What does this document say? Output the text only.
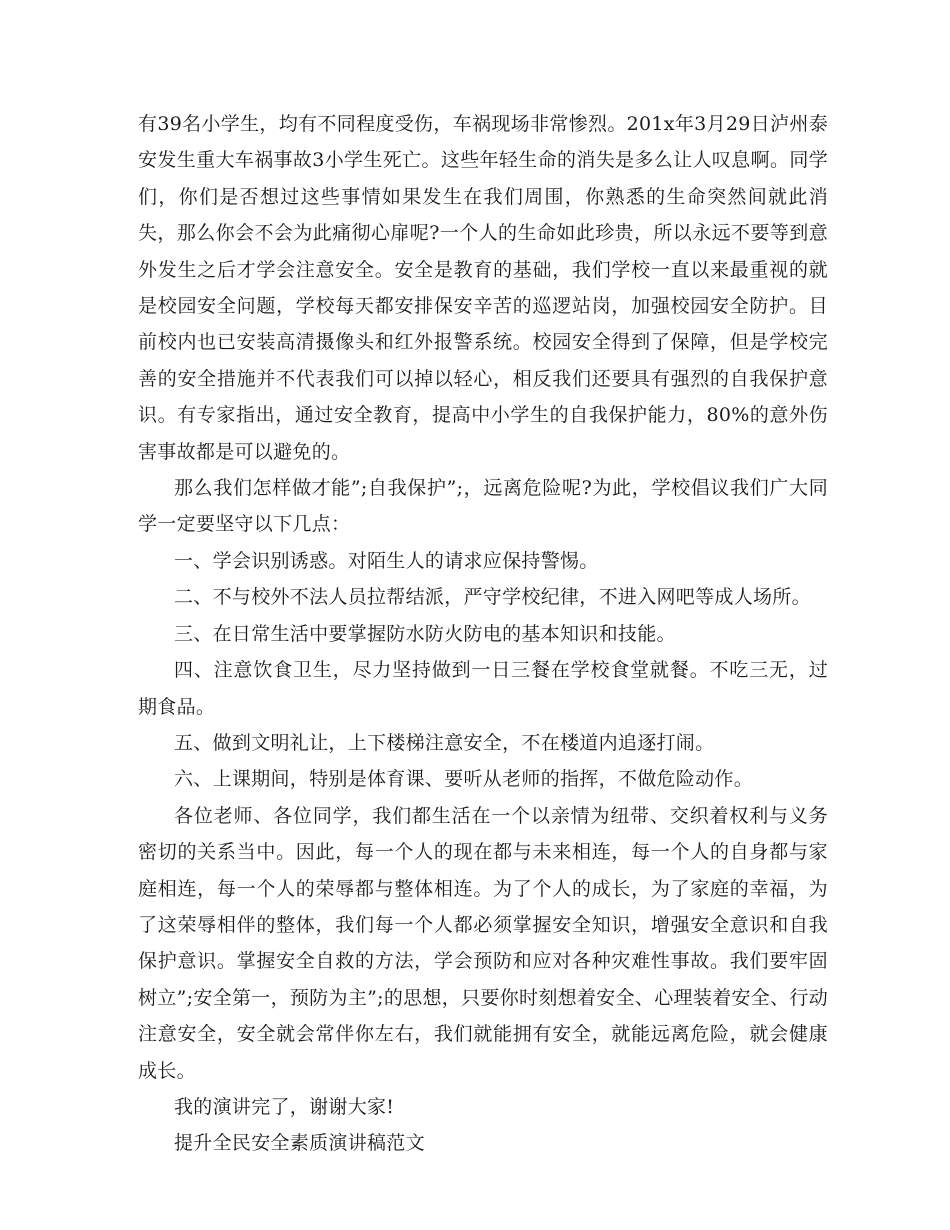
有39名小学生，均有不同程度受伤，车祸现场非常惨烈。201x年3月29日泸州泰安发生重大车祸事故3小学生死亡。这些年轻生命的消失是多么让人叹息啊。同学们，你们是否想过这些事情如果发生在我们周围，你熟悉的生命突然间就此消失，那么你会不会为此痛彻心扉呢?一个人的生命如此珍贵，所以永远不要等到意外发生之后才学会注意安全。安全是教育的基础，我们学校一直以来最重视的就是校园安全问题，学校每天都安排保安辛苦的巡逻站岗，加强校园安全防护。目前校内也已安装高清摄像头和红外报警系统。校园安全得到了保障，但是学校完善的安全措施并不代表我们可以掉以轻心，相反我们还要具有强烈的自我保护意识。有专家指出，通过安全教育，提高中小学生的自我保护能力，80%的意外伤害事故都是可以避免的。

那么我们怎样做才能”;自我保护”;，远离危险呢?为此，学校倡议我们广大同学一定要坚守以下几点：

一、学会识别诱惑。对陌生人的请求应保持警惕。

二、不与校外不法人员拉帮结派，严守学校纪律，不进入网吧等成人场所。

三、在日常生活中要掌握防水防火防电的基本知识和技能。

四、注意饮食卫生，尽力坚持做到一日三餐在学校食堂就餐。不吃三无，过期食品。

五、做到文明礼让，上下楼梯注意安全，不在楼道内追逐打闹。

六、上课期间，特别是体育课、要听从老师的指挥，不做危险动作。

各位老师、各位同学，我们都生活在一个以亲情为纽带、交织着权利与义务密切的关系当中。因此，每一个人的现在都与未来相连，每一个人的自身都与家庭相连，每一个人的荣辱都与整体相连。为了个人的成长，为了家庭的幸福，为了这荣辱相伴的整体，我们每一个人都必须掌握安全知识，增强安全意识和自我保护意识。掌握安全自救的方法，学会预防和应对各种灾难性事故。我们要牢固树立”;安全第一，预防为主”;的思想，只要你时刻想着安全、心理装着安全、行动注意安全，安全就会常伴你左右，我们就能拥有安全，就能远离危险，就会健康成长。

我的演讲完了，谢谢大家!

提升全民安全素质演讲稿范文
